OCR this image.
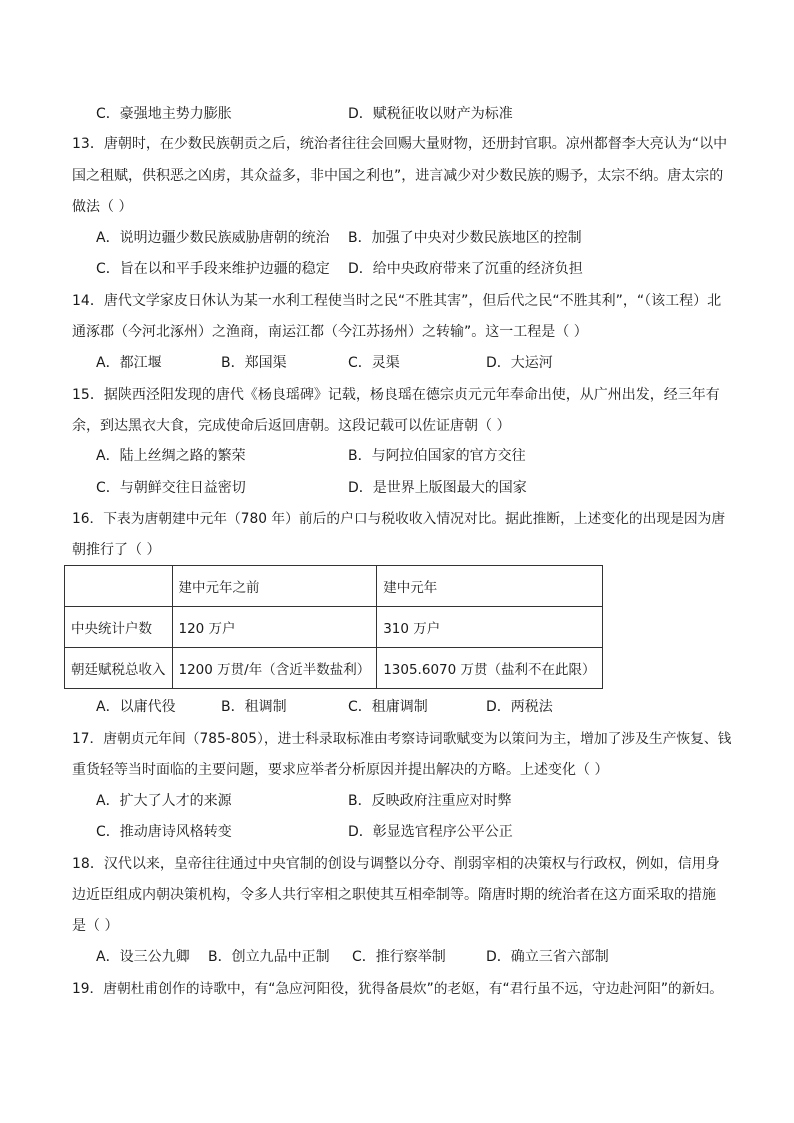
C．豪强地主势力膨胀	D．赋税征收以财产为标准
13．唐朝时，在少数民族朝贡之后，统治者往往会回赐大量财物，还册封官职。凉州都督李大亮认为“以中
国之租赋，供积恶之凶虏，其众益多，非中国之利也”，进言减少对少数民族的赐予，太宗不纳。唐太宗的
做法（ ）
A．说明边疆少数民族威胁唐朝的统治 B．加强了中央对少数民族地区的控制
C．旨在以和平手段来维护边疆的稳定 D．给中央政府带来了沉重的经济负担
14．唐代文学家皮日休认为某一水利工程使当时之民“不胜其害”，但后代之民“不胜其利”，“（该工程）北
通涿郡（今河北涿州）之渔商，南运江都（今江苏扬州）之转输”。这一工程是（ ）
A．都江堰	B．郑国渠	C．灵渠	D．大运河
15．据陕西泾阳发现的唐代《杨良瑶碑》记载，杨良瑶在德宗贞元元年奉命出使，从广州出发，经三年有
余，到达黑衣大食，完成使命后返回唐朝。这段记载可以佐证唐朝（ ）
A．陆上丝绸之路的繁荣	B．与阿拉伯国家的官方交往
C．与朝鲜交往日益密切	D．是世界上版图最大的国家
16．下表为唐朝建中元年（780 年）前后的户口与税收收入情况对比。据此推断，上述变化的出现是因为唐
朝推行了（ ）
	建中元年之前	建中元年
中央统计户数	120 万户	310 万户
朝廷赋税总收入	1200 万贯/年（含近半数盐利）	1305.6070 万贯（盐利不在此限）
A．以庸代役	B．租调制	C．租庸调制	D．两税法
17．唐朝贞元年间（785-805），进士科录取标准由考察诗词歌赋变为以策问为主，增加了涉及生产恢复、钱
重货轻等当时面临的主要问题，要求应举者分析原因并提出解决的方略。上述变化（ ）
A．扩大了人才的来源	B．反映政府注重应对时弊
C．推动唐诗风格转变	D．彰显选官程序公平公正
18．汉代以来，皇帝往往通过中央官制的创设与调整以分夺、削弱宰相的决策权与行政权，例如，信用身
边近臣组成内朝决策机构，令多人共行宰相之职使其互相牵制等。隋唐时期的统治者在这方面采取的措施
是（ ）
A．设三公九卿 B．创立九品中正制 C．推行察举制	D．确立三省六部制
19．唐朝杜甫创作的诗歌中，有“急应河阳役，犹得备晨炊”的老妪，有“君行虽不远，守边赴河阳”的新妇。
